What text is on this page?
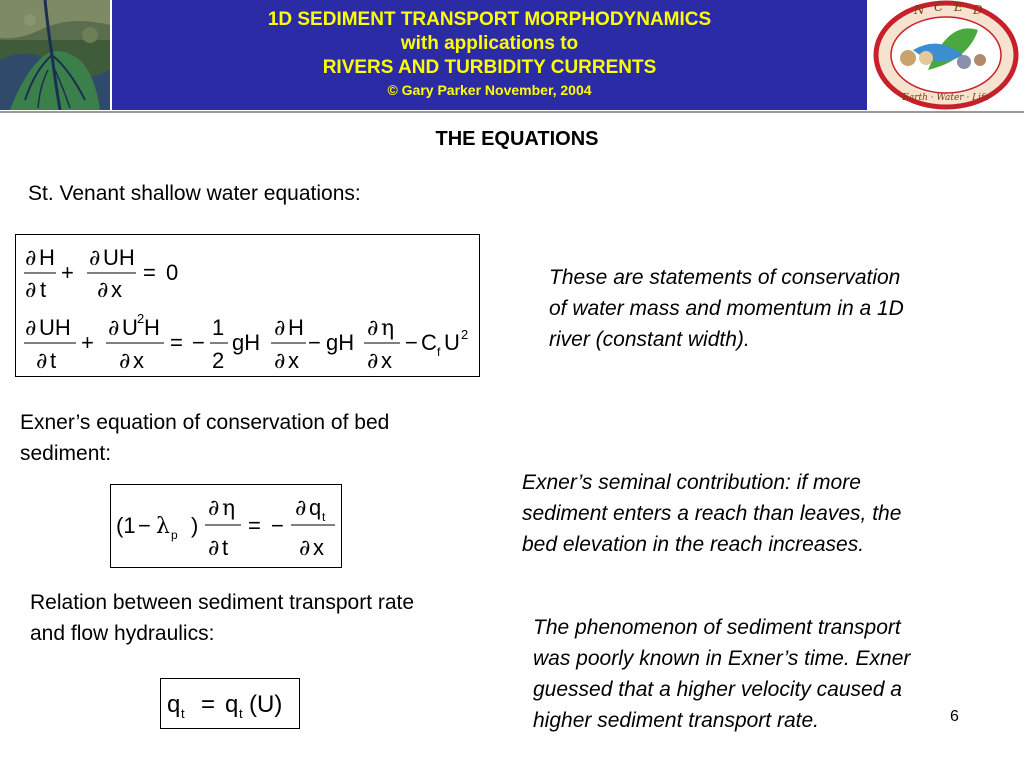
1D SEDIMENT TRANSPORT MORPHODYNAMICS
with applications to
RIVERS AND TURBIDITY CURRENTS
© Gary Parker November, 2004
N C E D
Earth · Water · Life
THE EQUATIONS
St. Venant shallow water equations:
∂ H
∂ t
+
∂ UH
∂ x
= 0
∂ UH
∂ t
+
∂ U 2 H
∂ x
= −
1
2
gH
∂ H
∂ x
− gH
∂ η
∂ x
− C f U 2
These are statements of conservation
of water mass and momentum in a 1D
river (constant width).
Exner’s equation of conservation of bed
sediment:
(1 − λ p )
∂ η
∂ t
= −
∂ q t
∂ x
Exner’s seminal contribution: if more
sediment enters a reach than leaves, the
bed elevation in the reach increases.
Relation between sediment transport rate
and flow hydraulics:
q t = q t (U)
The phenomenon of sediment transport
was poorly known in Exner’s time. Exner
guessed that a higher velocity caused a
higher sediment transport rate.	6
